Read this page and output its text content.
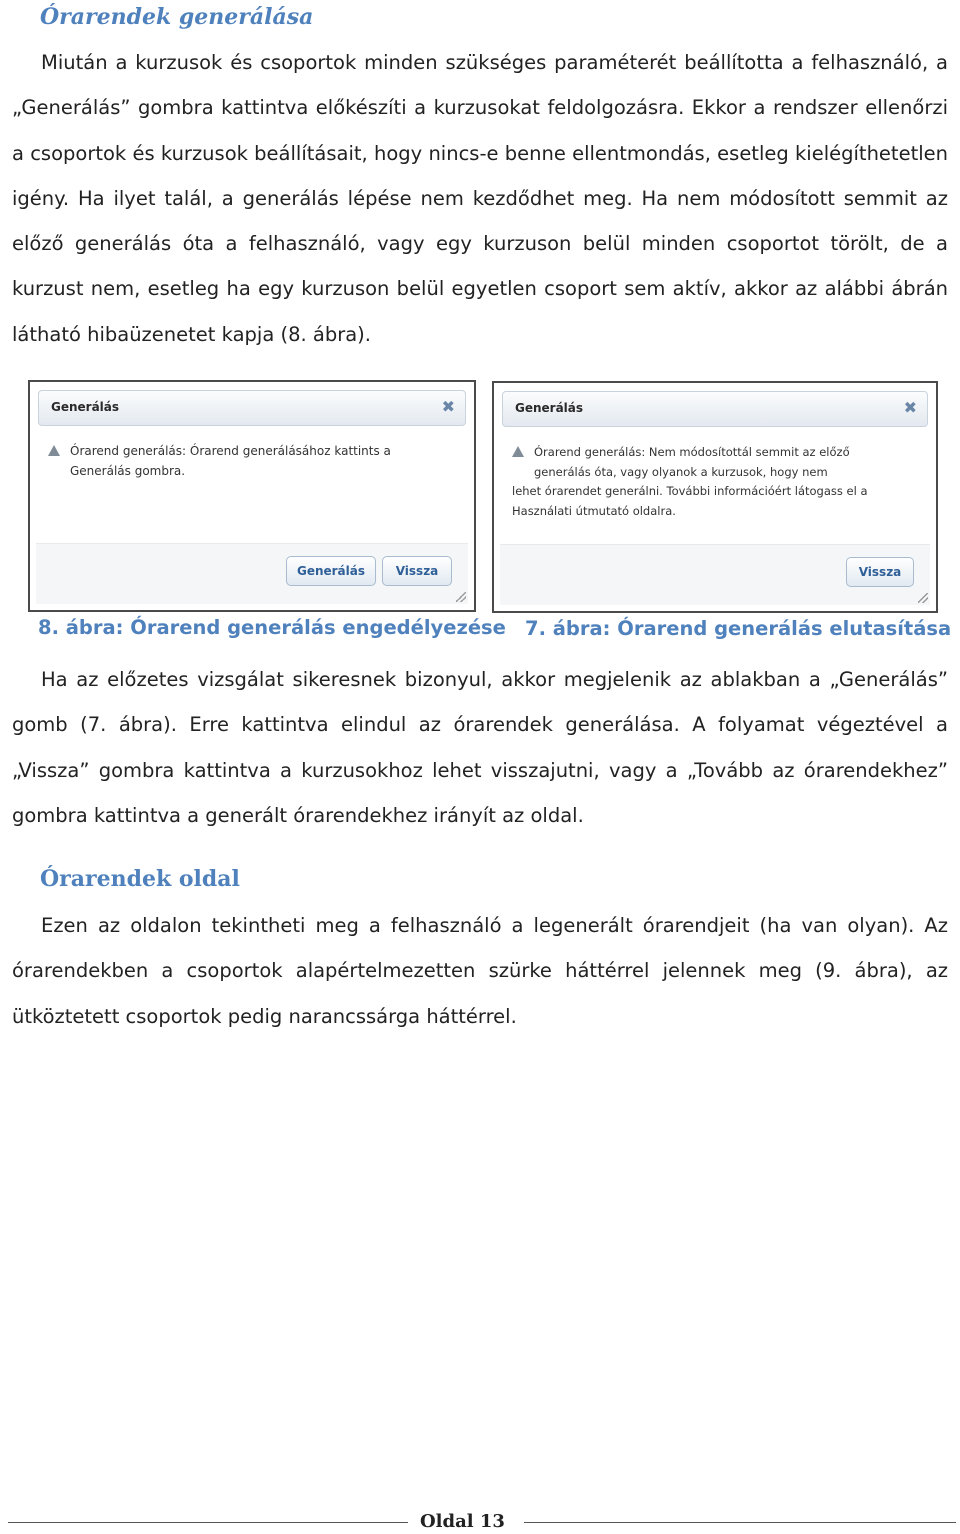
Órarendek generálása
Miután a kurzusok és csoportok minden szükséges paraméterét beállította a felhasználó, a „Generálás” gombra kattintva előkészíti a kurzusokat feldolgozásra. Ekkor a rendszer ellenőrzi a csoportok és kurzusok beállításait, hogy nincs-e benne ellentmondás, esetleg kielégíthetetlen igény. Ha ilyet talál, a generálás lépése nem kezdődhet meg. Ha nem módosított semmit az előző generálás óta a felhasználó, vagy egy kurzuson belül minden csoportot törölt, de a kurzust nem, esetleg ha egy kurzuson belül egyetlen csoport sem aktív, akkor az alábbi ábrán látható hibaüzenetet kapja (8. ábra).
Generálás	✖
Órarend generálás: Órarend generálásához kattints a
Generálás gombra.
Generálás	Vissza
Generálás	✖
Órarend generálás: Nem módosítottál semmit az előző
generálás óta, vagy olyanok a kurzusok, hogy nem
lehet órarendet generálni. További információért látogass el a
Használati útmutató oldalra.
Vissza
8. ábra: Órarend generálás engedélyezése 7. ábra: Órarend generálás elutasítása
Ha az előzetes vizsgálat sikeresnek bizonyul, akkor megjelenik az ablakban a „Generálás” gomb (7. ábra). Erre kattintva elindul az órarendek generálása. A folyamat végeztével a „Vissza” gombra kattintva a kurzusokhoz lehet visszajutni, vagy a „Tovább az órarendekhez” gombra kattintva a generált órarendekhez irányít az oldal.
Órarendek oldal
Ezen az oldalon tekintheti meg a felhasználó a legenerált órarendjeit (ha van olyan). Az órarendekben a csoportok alapértelmezetten szürke háttérrel jelennek meg (9. ábra), az ütköztetett csoportok pedig narancssárga háttérrel.
Oldal 13
